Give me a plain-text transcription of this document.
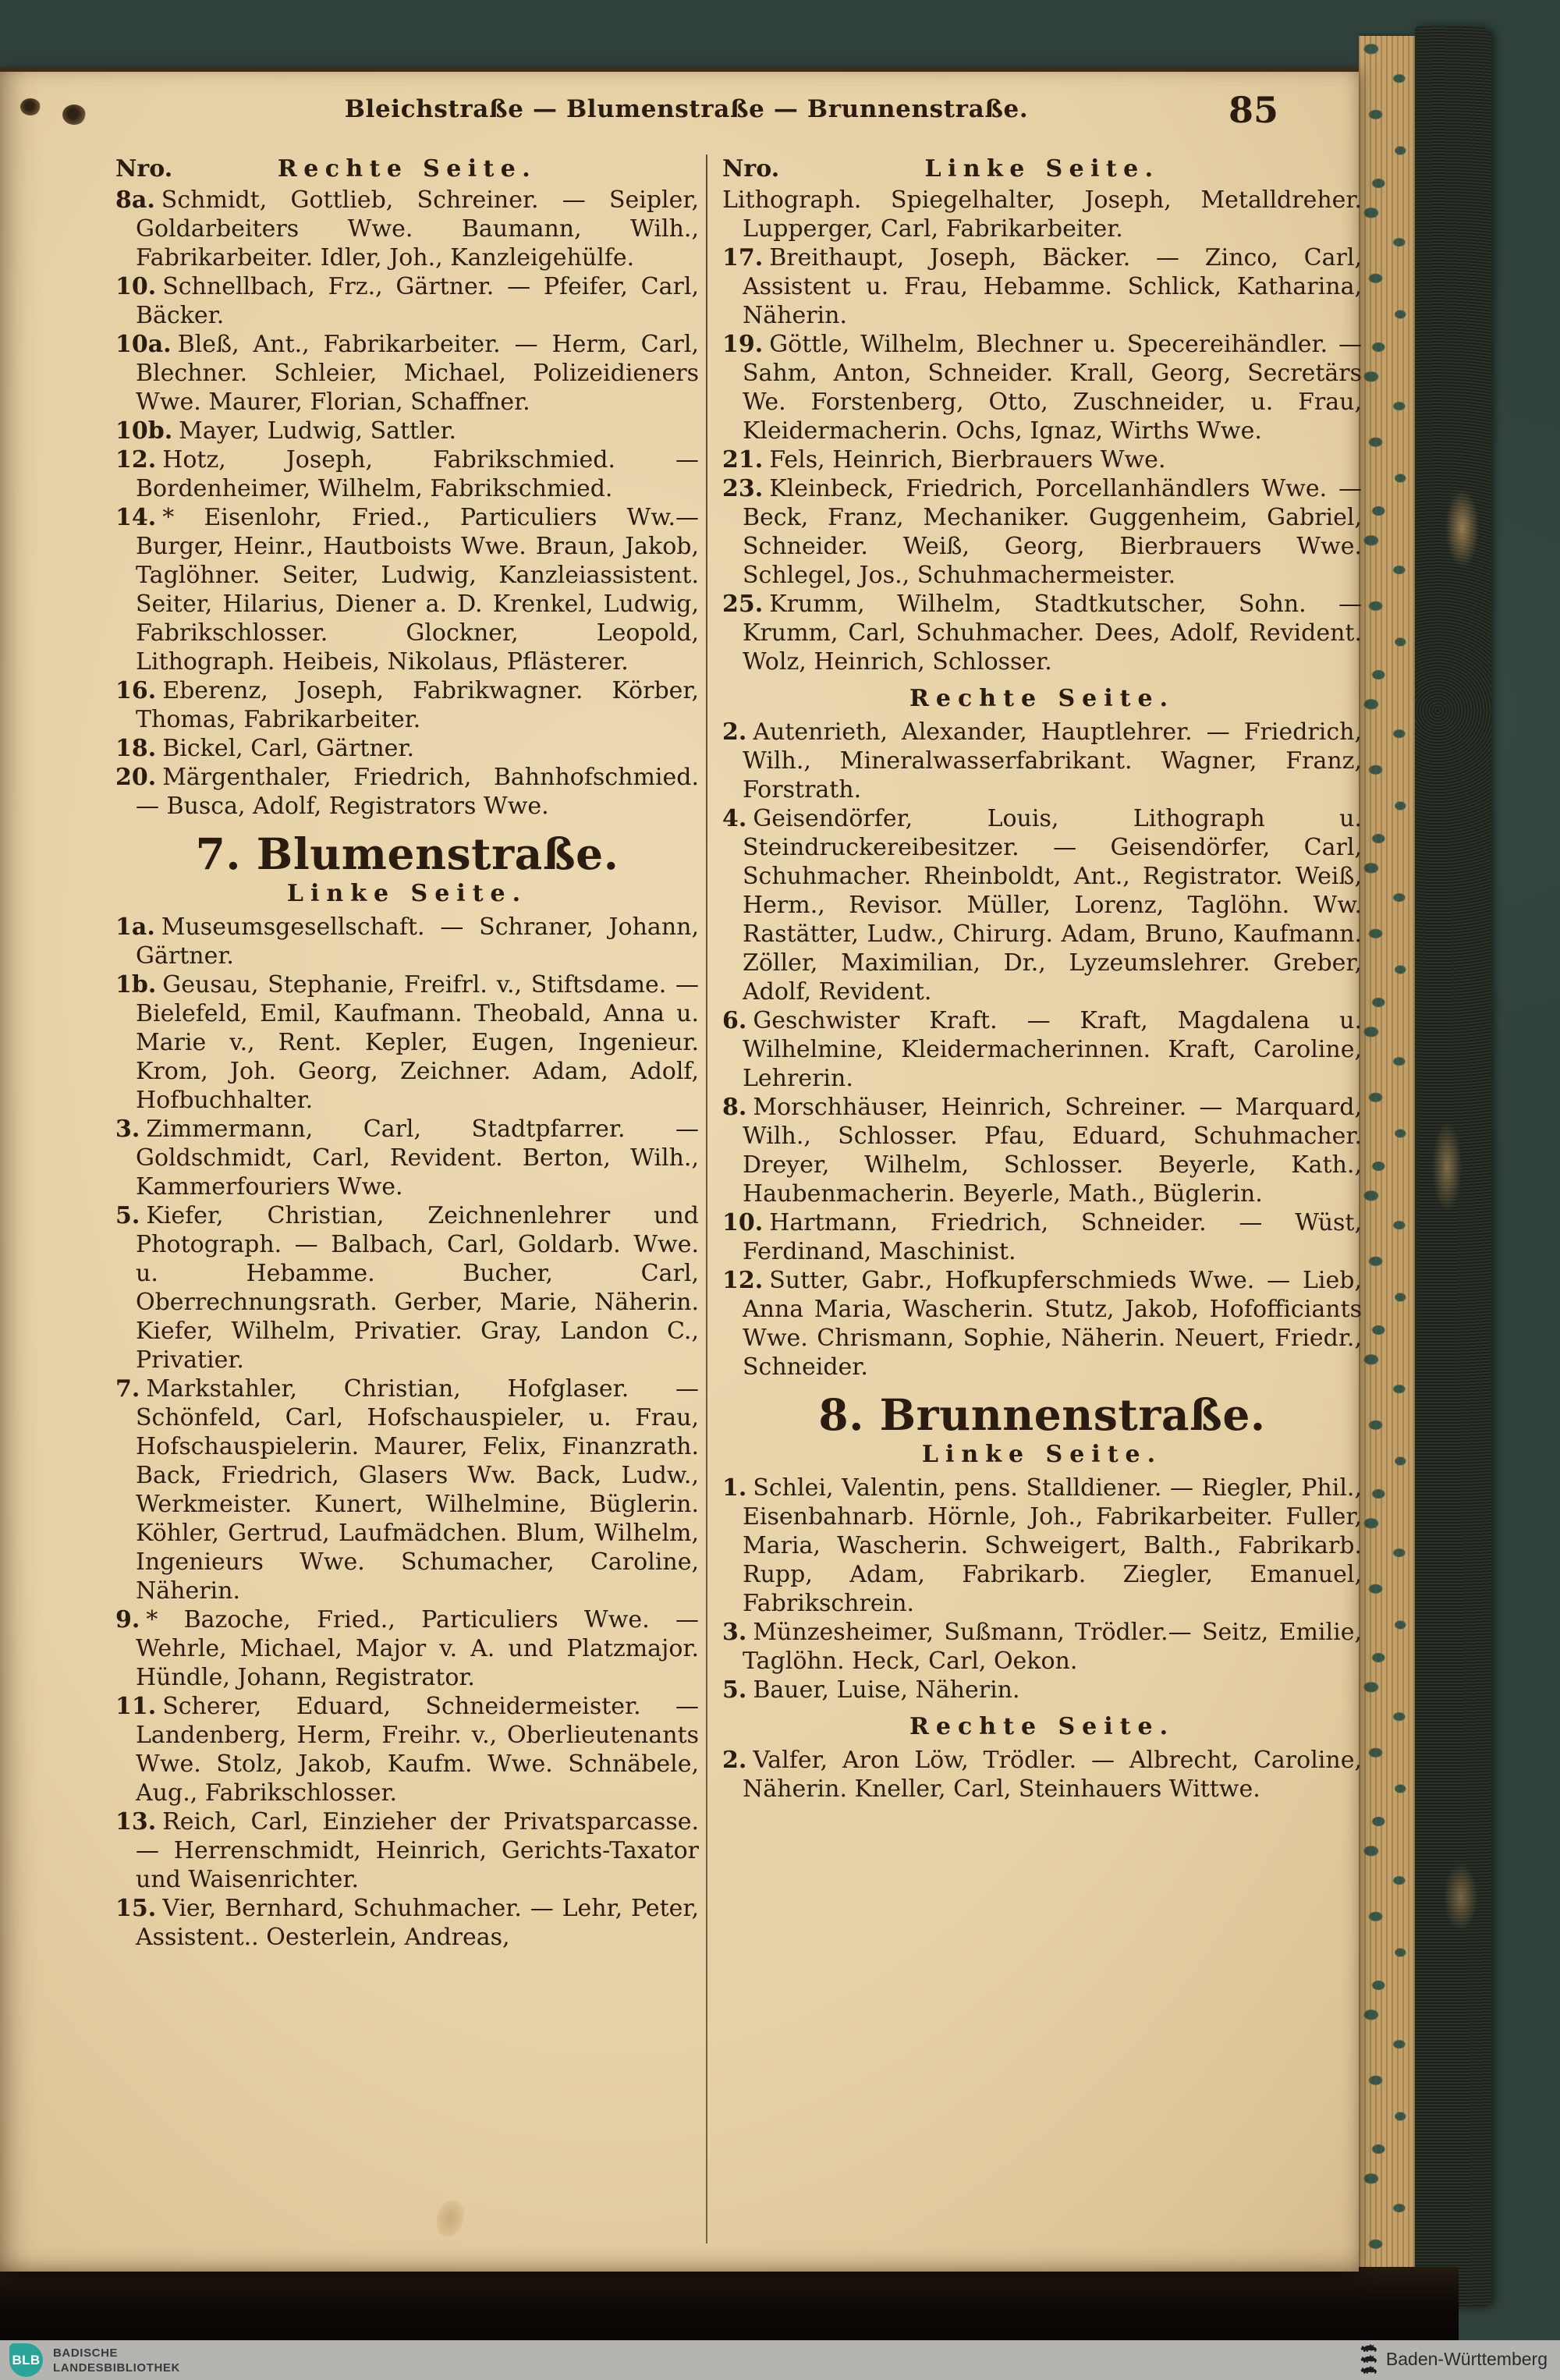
Bleichstraße — Blumenstraße — Brunnenstraße.	85
Nro.	Rechte Seite.
8a. Schmidt, Gottlieb, Schreiner. — Seipler, Goldarbeiters Wwe. Baumann, Wilh., Fabrikarbeiter. Idler, Joh., Kanzleigehülfe.
10. Schnellbach, Frz., Gärtner. — Pfeifer, Carl, Bäcker.
10a. Bleß, Ant., Fabrikarbeiter. — Herm, Carl, Blechner. Schleier, Michael, Polizeidieners Wwe. Maurer, Florian, Schaffner.
10b. Mayer, Ludwig, Sattler.
12. Hotz, Joseph, Fabrikschmied. — Bordenheimer, Wilhelm, Fabrikschmied.
14. * Eisenlohr, Fried., Particuliers Ww.— Burger, Heinr., Hautboists Wwe. Braun, Jakob, Taglöhner. Seiter, Ludwig, Kanzleiassistent. Seiter, Hilarius, Diener a. D. Krenkel, Ludwig, Fabrikschlosser. Glockner, Leopold, Lithograph. Heibeis, Nikolaus, Pflästerer.
16. Eberenz, Joseph, Fabrikwagner. Körber, Thomas, Fabrikarbeiter.
18. Bickel, Carl, Gärtner.
20. Märgenthaler, Friedrich, Bahnhofschmied. — Busca, Adolf, Registrators Wwe.
7. Blumenstraße.
Linke Seite.
1a. Museumsgesellschaft. — Schraner, Johann, Gärtner.
1b. Geusau, Stephanie, Freifrl. v., Stiftsdame. — Bielefeld, Emil, Kaufmann. Theobald, Anna u. Marie v., Rent. Kepler, Eugen, Ingenieur. Krom, Joh. Georg, Zeichner. Adam, Adolf, Hofbuchhalter.
3. Zimmermann, Carl, Stadtpfarrer. — Goldschmidt, Carl, Revident. Berton, Wilh., Kammerfouriers Wwe.
5. Kiefer, Christian, Zeichnenlehrer und Photograph. — Balbach, Carl, Goldarb. Wwe. u. Hebamme. Bucher, Carl, Oberrechnungsrath. Gerber, Marie, Näherin. Kiefer, Wilhelm, Privatier. Gray, Landon C., Privatier.
7. Markstahler, Christian, Hofglaser. — Schönfeld, Carl, Hofschauspieler, u. Frau, Hofschauspielerin. Maurer, Felix, Finanzrath. Back, Friedrich, Glasers Ww. Back, Ludw., Werkmeister. Kunert, Wilhelmine, Büglerin. Köhler, Gertrud, Laufmädchen. Blum, Wilhelm, Ingenieurs Wwe. Schumacher, Caroline, Näherin.
9. * Bazoche, Fried., Particuliers Wwe. — Wehrle, Michael, Major v. A. und Platzmajor. Hündle, Johann, Registrator.
11. Scherer, Eduard, Schneidermeister. — Landenberg, Herm, Freihr. v., Oberlieutenants Wwe. Stolz, Jakob, Kaufm. Wwe. Schnäbele, Aug., Fabrikschlosser.
13. Reich, Carl, Einzieher der Privatsparcasse. — Herrenschmidt, Heinrich, Gerichts-Taxator und Waisenrichter.
15. Vier, Bernhard, Schuhmacher. — Lehr, Peter, Assistent.. Oesterlein, Andreas,
Nro.	Linke Seite.
Lithograph. Spiegelhalter, Joseph, Metalldreher. Lupperger, Carl, Fabrikarbeiter.
17. Breithaupt, Joseph, Bäcker. — Zinco, Carl, Assistent u. Frau, Hebamme. Schlick, Katharina, Näherin.
19. Göttle, Wilhelm, Blechner u. Specereihändler. — Sahm, Anton, Schneider. Krall, Georg, Secretärs We. Forstenberg, Otto, Zuschneider, u. Frau, Kleidermacherin. Ochs, Ignaz, Wirths Wwe.
21. Fels, Heinrich, Bierbrauers Wwe.
23. Kleinbeck, Friedrich, Porcellanhändlers Wwe. — Beck, Franz, Mechaniker. Guggenheim, Gabriel, Schneider. Weiß, Georg, Bierbrauers Wwe. Schlegel, Jos., Schuhmachermeister.
25. Krumm, Wilhelm, Stadtkutscher, Sohn. — Krumm, Carl, Schuhmacher. Dees, Adolf, Revident. Wolz, Heinrich, Schlosser.
Rechte Seite.
2. Autenrieth, Alexander, Hauptlehrer. — Friedrich, Wilh., Mineralwasserfabrikant. Wagner, Franz, Forstrath.
4. Geisendörfer, Louis, Lithograph u. Steindruckereibesitzer. — Geisendörfer, Carl, Schuhmacher. Rheinboldt, Ant., Registrator. Weiß, Herm., Revisor. Müller, Lorenz, Taglöhn. Ww. Rastätter, Ludw., Chirurg. Adam, Bruno, Kaufmann. Zöller, Maximilian, Dr., Lyzeumslehrer. Greber, Adolf, Revident.
6. Geschwister Kraft. — Kraft, Magdalena u. Wilhelmine, Kleidermacherinnen. Kraft, Caroline, Lehrerin.
8. Morschhäuser, Heinrich, Schreiner. — Marquard, Wilh., Schlosser. Pfau, Eduard, Schuhmacher. Dreyer, Wilhelm, Schlosser. Beyerle, Kath., Haubenmacherin. Beyerle, Math., Büglerin.
10. Hartmann, Friedrich, Schneider. — Wüst, Ferdinand, Maschinist.
12. Sutter, Gabr., Hofkupferschmieds Wwe. — Lieb, Anna Maria, Wascherin. Stutz, Jakob, Hofofficiants Wwe. Chrismann, Sophie, Näherin. Neuert, Friedr., Schneider.
8. Brunnenstraße.
Linke Seite.
1. Schlei, Valentin, pens. Stalldiener. — Riegler, Phil., Eisenbahnarb. Hörnle, Joh., Fabrikarbeiter. Fuller, Maria, Wascherin. Schweigert, Balth., Fabrikarb. Rupp, Adam, Fabrikarb. Ziegler, Emanuel, Fabrikschrein.
3. Münzesheimer, Sußmann, Trödler.— Seitz, Emilie, Taglöhn. Heck, Carl, Oekon.
5. Bauer, Luise, Näherin.
Rechte Seite.
2. Valfer, Aron Löw, Trödler. — Albrecht, Caroline, Näherin. Kneller, Carl, Steinhauers Wittwe.
BLB BADISCHE
LANDESBIBLIOTHEK	Baden-Württemberg
